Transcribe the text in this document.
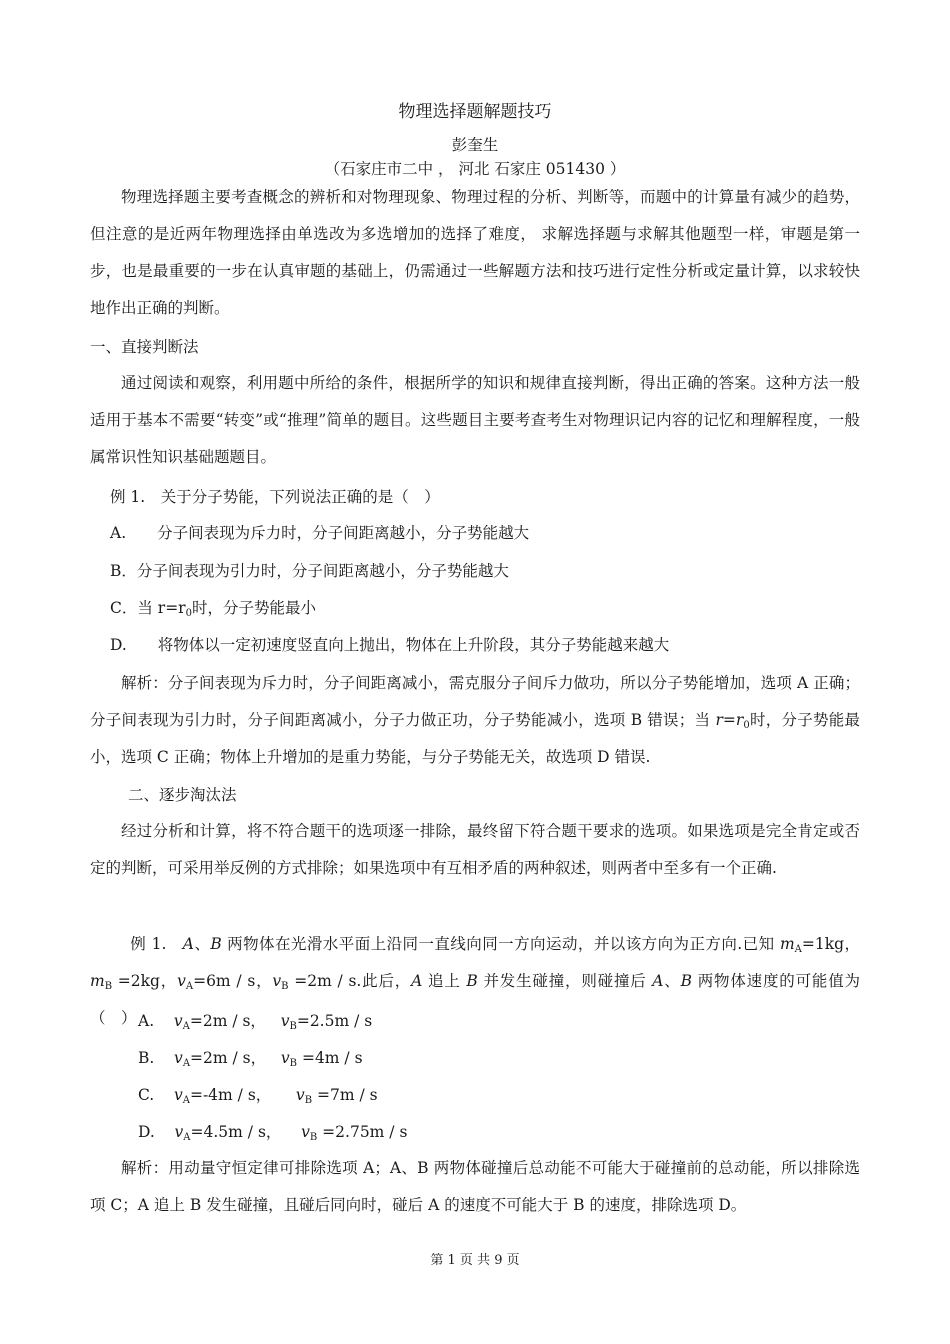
物理选择题解题技巧
彭奎生
（石家庄市二中 ， 河北 石家庄 051430 ）
物理选择题主要考查概念的辨析和对物理现象、物理过程的分析、判断等，而题中的计算量有减少的趋势，但注意的是近两年物理选择由单选改为多选增加的选择了难度， 求解选择题与求解其他题型一样，审题是第一步，也是最重要的一步在认真审题的基础上，仍需通过一些解题方法和技巧进行定性分析或定量计算，以求较快地作出正确的判断。
一、直接判断法
通过阅读和观察，利用题中所给的条件，根据所学的知识和规律直接判断，得出正确的答案。这种方法一般适用于基本不需要“转变”或“推理”简单的题目。这些题目主要考查考生对物理识记内容的记忆和理解程度，一般属常识性知识基础题题目。
例 1.　关于分子势能，下列说法正确的是（　）
A.　　分子间表现为斥力时，分子间距离越小，分子势能越大
B．分子间表现为引力时，分子间距离越小，分子势能越大
C．当 $r=r_0$时，分子势能最小
D.　　将物体以一定初速度竖直向上抛出，物体在上升阶段，其分子势能越来越大
解析：分子间表现为斥力时，分子间距离减小，需克服分子间斥力做功，所以分子势能增加，选项 A 正确；分子间表现为引力时，分子间距离减小，分子力做正功，分子势能减小，选项 B 错误；当 $r=r_0$时，分子势能最小，选项 C 正确；物体上升增加的是重力势能，与分子势能无关，故选项 D 错误.
二、逐步淘汰法
经过分析和计算，将不符合题干的选项逐一排除，最终留下符合题干要求的选项。如果选项是完全肯定或否定的判断，可采用举反例的方式排除；如果选项中有互相矛盾的两种叙述，则两者中至多有一个正确.
例 1.　A、B 两物体在光滑水平面上沿同一直线向同一方向运动，并以该方向为正方向.已知 $m_A=1kg$，$m_B =2kg$，$v_A=6m / s$，$v_B =2m / s$.此后，A 追上 B 并发生碰撞，则碰撞后 A、B 两物体速度的可能值为（　） A. $v_A=2m / s$， $v_B=2.5m / s$
B. $v_A=2m / s$， $v_B =4m / s$
C. $v_A=-4m / s$， $v_B =7m / s$
D. $v_A=4.5m / s$， $v_B =2.75m / s$
解析：用动量守恒定律可排除选项 A；A、B 两物体碰撞后总动能不可能大于碰撞前的总动能，所以排除选项 C；A 追上 B 发生碰撞，且碰后同向时，碰后 A 的速度不可能大于 B 的速度，排除选项 D。
第 1 页 共 9 页
